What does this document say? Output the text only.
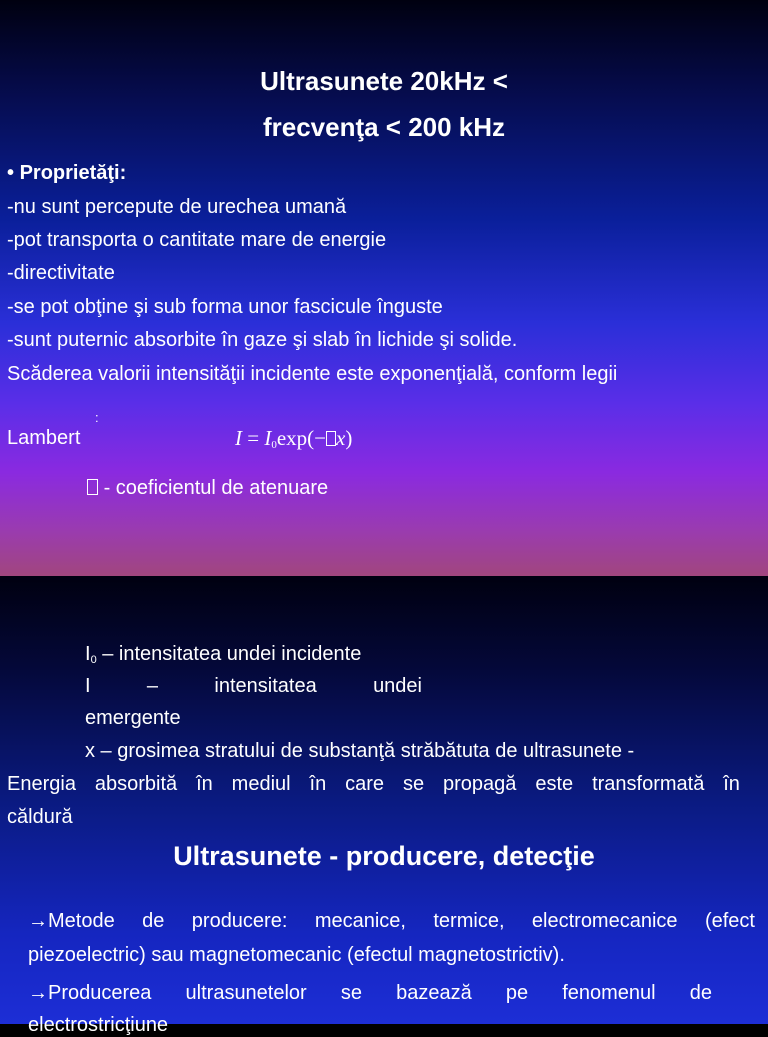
Ultrasunete 20kHz <
frecvenţa < 200 kHz
• Proprietăţi:
-nu sunt percepute de urechea umană
-pot transporta o cantitate mare de energie
-directivitate
-se pot obţine şi sub forma unor fascicule înguste
-sunt puternic absorbite în gaze şi slab în lichide şi solide.
Scăderea valorii intensităţii incidente este exponenţială, conform legii
Lambert
:
$I = I_0\exp(- x)$
- coeficientul de atenuare
$I_0$ – intensitatea undei incidente
I	–	intensitatea	undei
emergente
x – grosimea stratului de substanţă străbătuta de ultrasunete -
Energia absorbită în mediul în care se propagă este transformată în
căldură
Ultrasunete - producere, detecţie
→Metode de producere: mecanice, termice, electromecanice (efect
piezoelectric) sau magnetomecanic (efectul magnetostrictiv).
→Producerea ultrasunetelor se bazează pe fenomenul de
electrostricţiune
